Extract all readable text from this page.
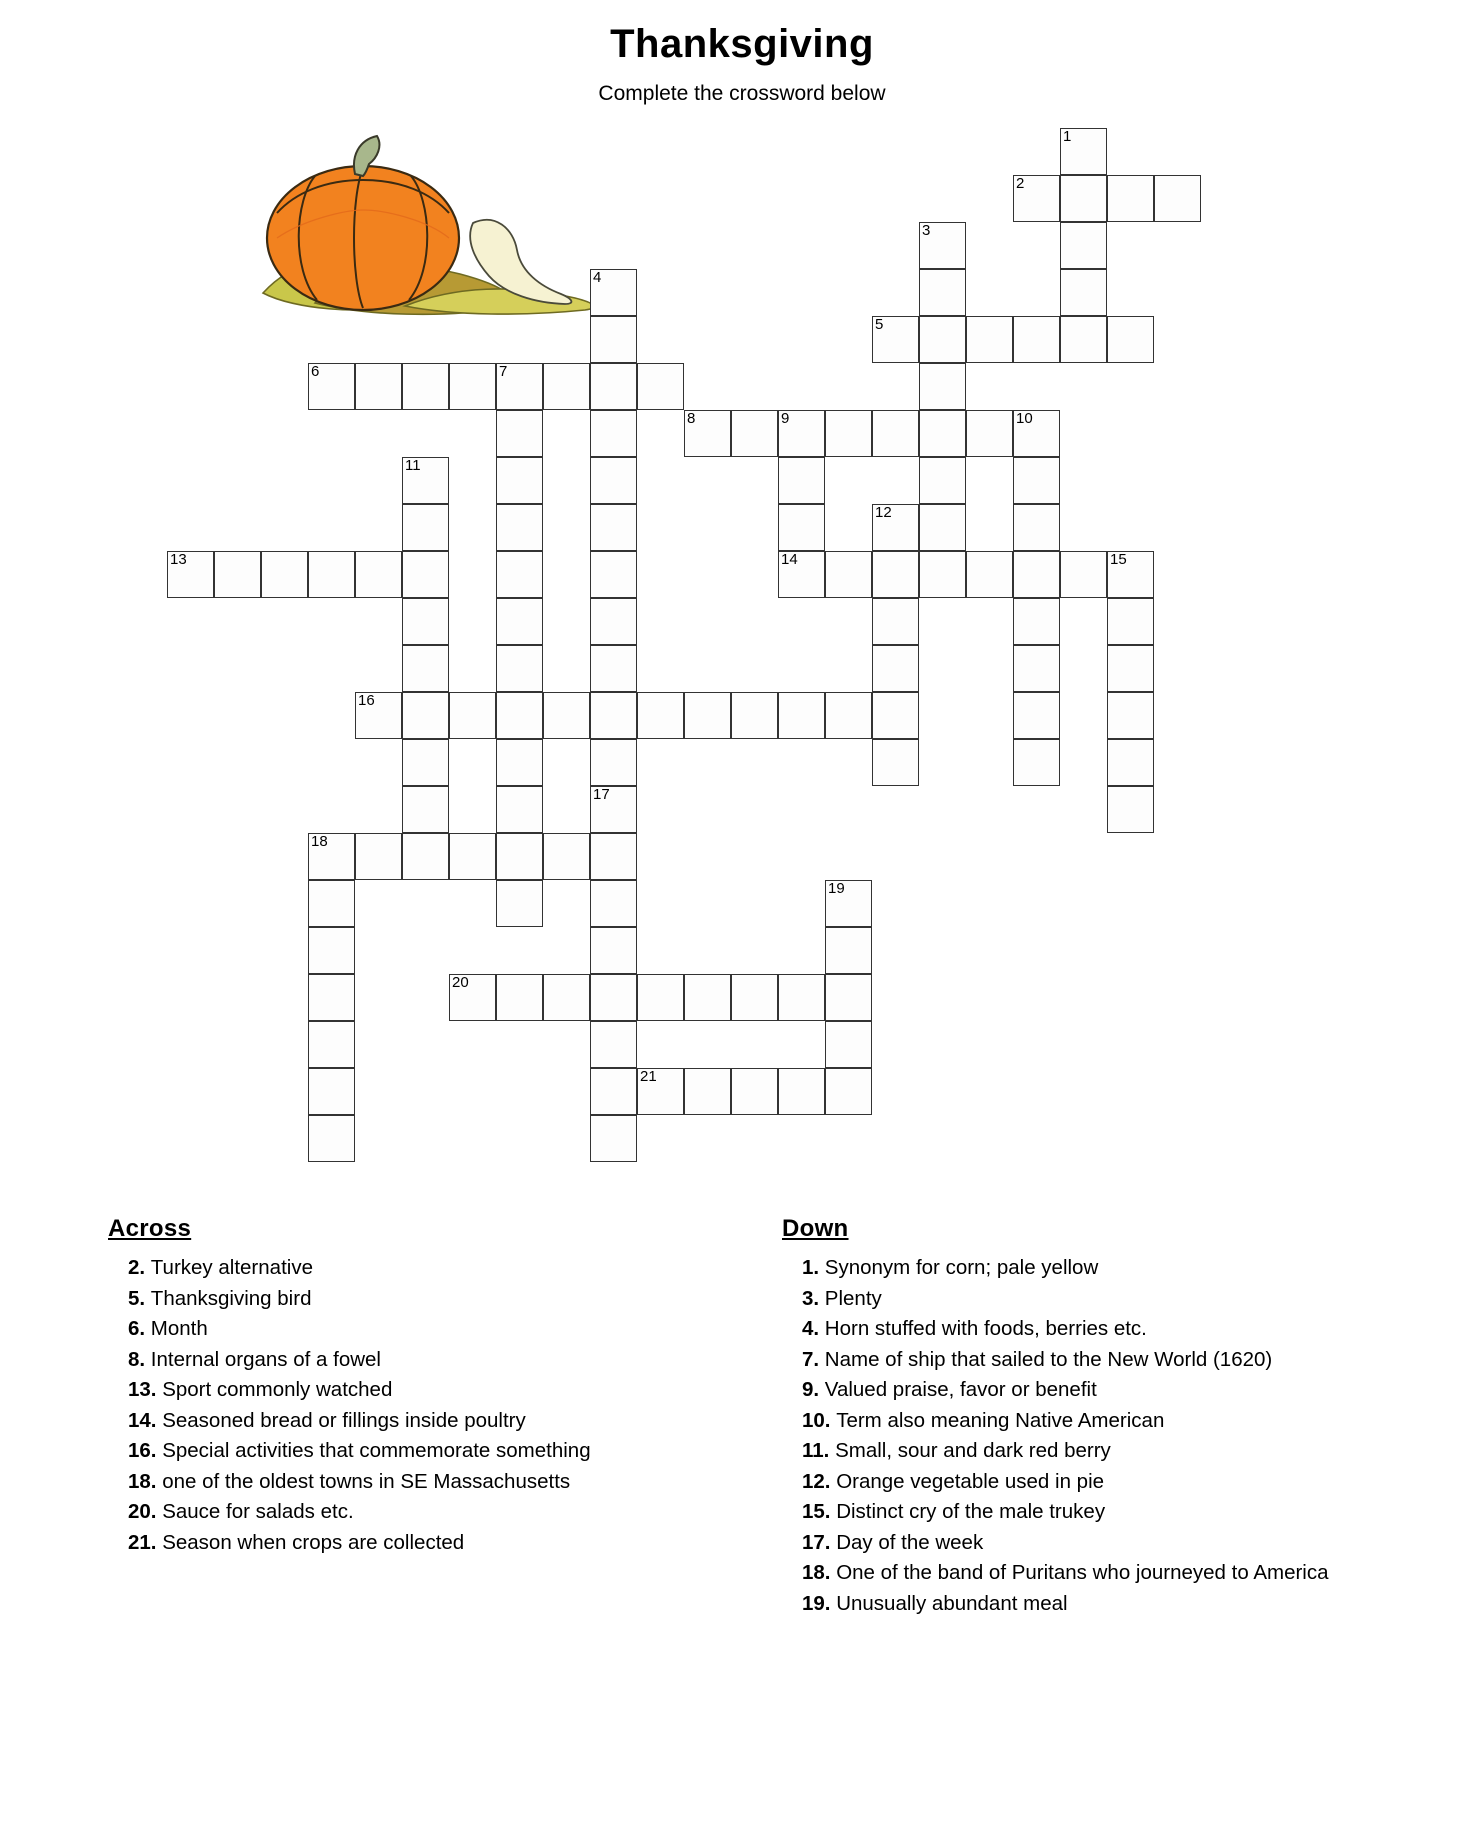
Thanksgiving
Complete the crossword below
1
2
3
4
5
6	7
8	9	10
11
12
13	14	15
16
17
18
19
20
21
Across
2. Turkey alternative
5. Thanksgiving bird
6. Month
8. Internal organs of a fowel
13. Sport commonly watched
14. Seasoned bread or fillings inside poultry
16. Special activities that commemorate something
18. one of the oldest towns in SE Massachusetts
20. Sauce for salads etc.
21. Season when crops are collected
Down
1. Synonym for corn; pale yellow
3. Plenty
4. Horn stuffed with foods, berries etc.
7. Name of ship that sailed to the New World (1620)
9. Valued praise, favor or benefit
10. Term also meaning Native American
11. Small, sour and dark red berry
12. Orange vegetable used in pie
15. Distinct cry of the male trukey
17. Day of the week
18. One of the band of Puritans who journeyed to America
19. Unusually abundant meal
